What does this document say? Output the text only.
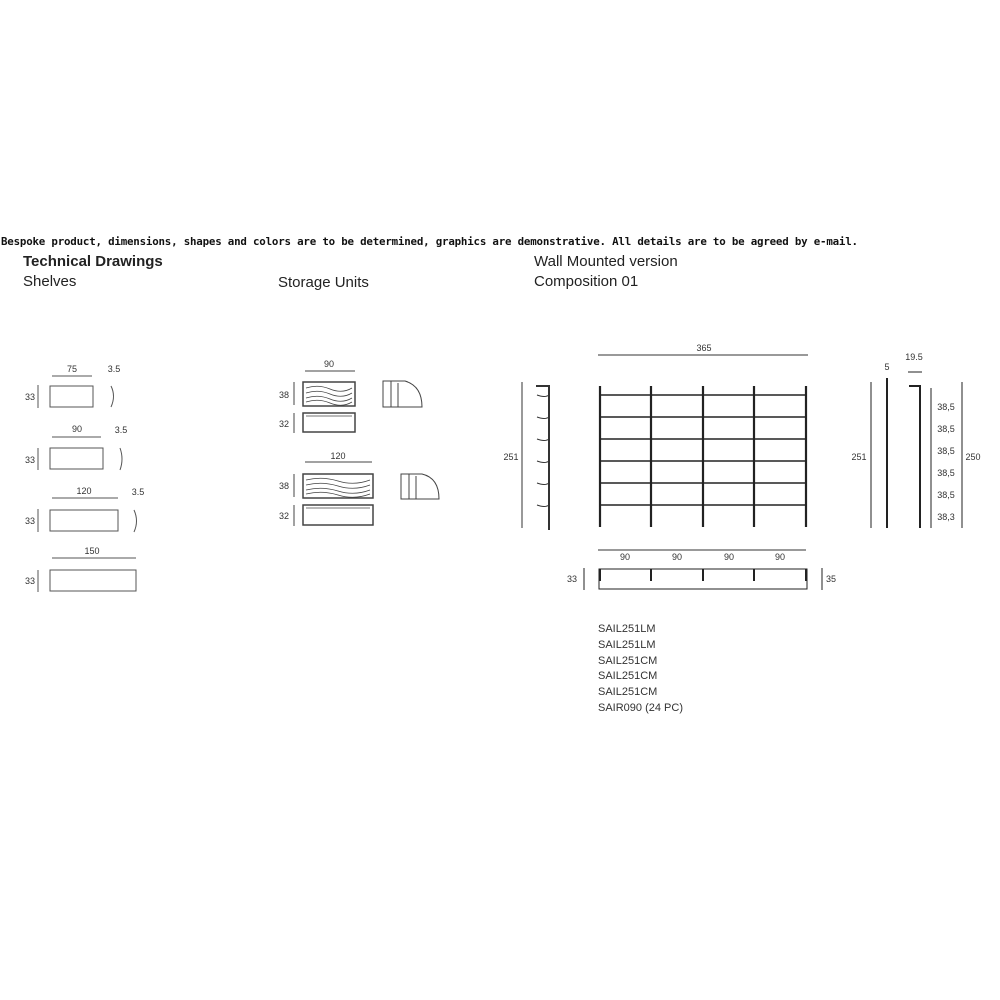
Bespoke product, dimensions, shapes and colors are to be determined, graphics are demonstrative. All details are to be agreed by e-mail.
Technical Drawings
Shelves	Storage Units
Wall Mounted version
Composition 01
75
33
3.5
90
33
3.5
120
33
3.5
150
33
90
38
32
120
38
32
251
365
251
5
19.5
250
38,5
38,5
38,5
38,5
38,5
38,3
90	90	90	90
33	35
SAIL251LM
SAIL251LM
SAIL251CM
SAIL251CM
SAIL251CM
SAIR090 (24 PC)
